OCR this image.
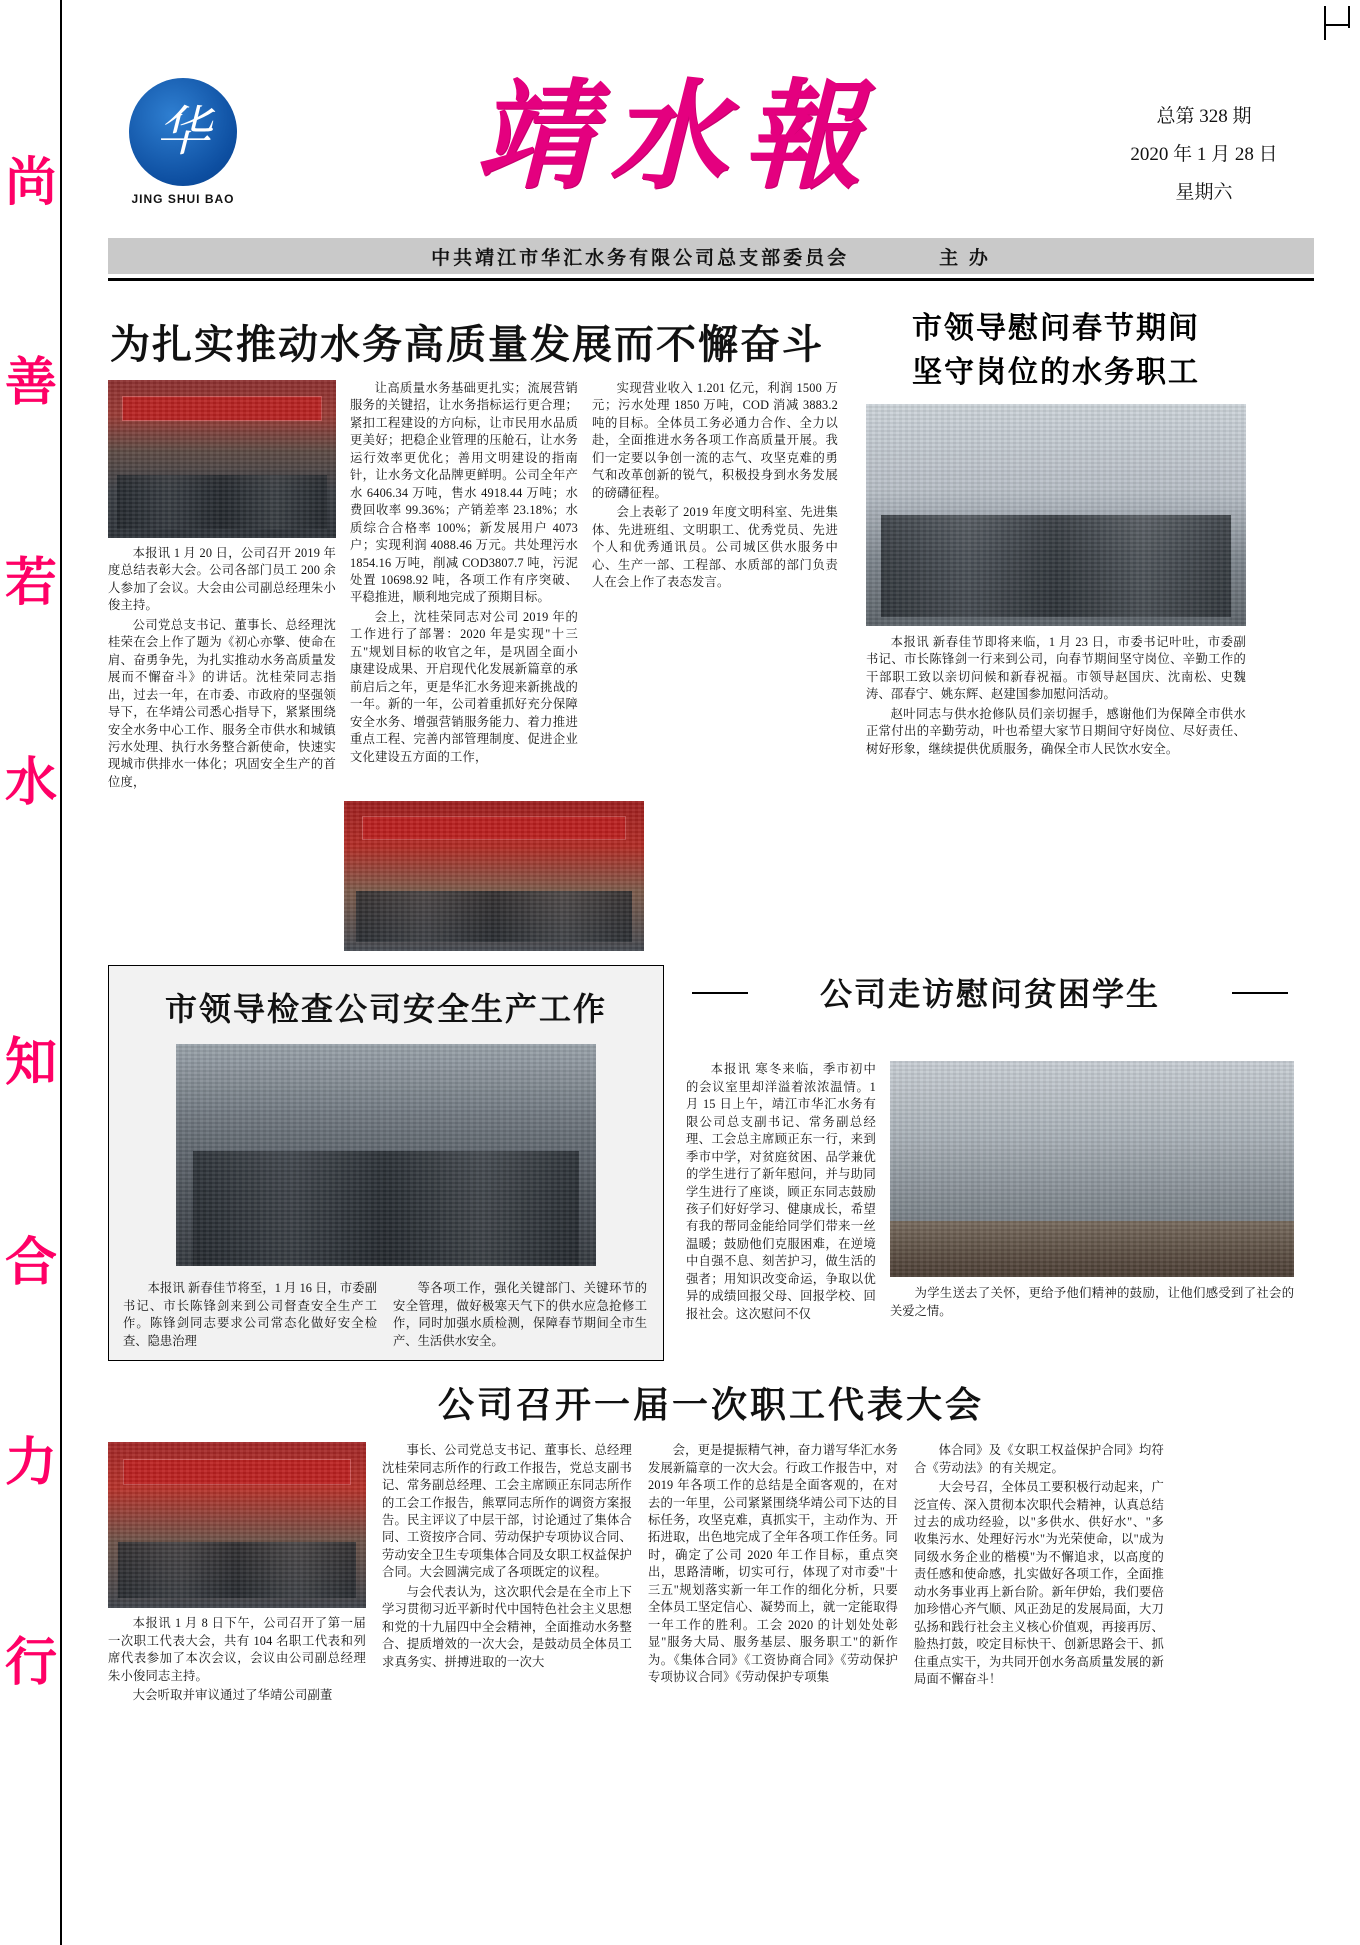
尚
善
若
水
知
合
力
行
华
JING SHUI BAO	靖水報	总第 328 期
2020 年 1 月 28 日
星期六
中共靖江市华汇水务有限公司总支部委员会	主 办
为扎实推动水务高质量发展而不懈奋斗

本报讯 1 月 20 日，公司召开 2019 年度总结表彰大会。公司各部门员工 200 余人参加了会议。大会由公司副总经理朱小俊主持。

公司党总支书记、董事长、总经理沈桂荣在会上作了题为《初心亦擎、使命在肩、奋勇争先，为扎实推动水务高质量发展而不懈奋斗》的讲话。沈桂荣同志指出，过去一年，在市委、市政府的坚强领导下，在华靖公司悉心指导下，紧紧围绕安全水务中心工作、服务全市供水和城镇污水处理、执行水务整合新使命，快速实现城市供排水一体化；巩固安全生产的首位度，

让高质量水务基础更扎实；流展营销服务的关键招，让水务指标运行更合理；紧扣工程建设的方向标，让市民用水品质更美好；把稳企业管理的压舱石，让水务运行效率更优化；善用文明建设的指南针，让水务文化品牌更鲜明。公司全年产水 6406.34 万吨，售水 4918.44 万吨；水费回收率 99.36%；产销差率 23.18%；水质综合合格率 100%；新发展用户 4073 户；实现利润 4088.46 万元。共处理污水 1854.16 万吨，削减 COD3807.7 吨，污泥处置 10698.92 吨，各项工作有序突破、平稳推进，顺利地完成了预期目标。

会上，沈桂荣同志对公司 2019 年的工作进行了部署：2020 年是实现"十三五"规划目标的收官之年，是巩固全面小康建设成果、开启现代化发展新篇章的承前启后之年，更是华汇水务迎来新挑战的一年。新的一年，公司着重抓好充分保障安全水务、增强营销服务能力、着力推进重点工程、完善内部管理制度、促进企业文化建设五方面的工作，

实现营业收入 1.201 亿元，利润 1500 万元；污水处理 1850 万吨，COD 消减 3883.2 吨的目标。全体员工务必通力合作、全力以赴，全面推进水务各项工作高质量开展。我们一定要以争创一流的志气、攻坚克难的勇气和改革创新的锐气，积极投身到水务发展的磅礴征程。

会上表彰了 2019 年度文明科室、先进集体、先进班组、文明职工、优秀党员、先进个人和优秀通讯员。公司城区供水服务中心、生产一部、工程部、水质部的部门负责人在会上作了表态发言。

市领导慰问春节期间
坚守岗位的水务职工

本报讯 新春佳节即将来临，1 月 23 日，市委书记叶吐，市委副书记、市长陈锋剑一行来到公司，向春节期间坚守岗位、辛勤工作的干部职工致以亲切问候和新春祝福。市领导赵国庆、沈南松、史魏涛、邵春宁、姚东辉、赵建国参加慰问活动。

赵叶同志与供水抢修队员们亲切握手，感谢他们为保障全市供水正常付出的辛勤劳动，叶也希望大家节日期间守好岗位、尽好责任、树好形象，继续提供优质服务，确保全市人民饮水安全。

市领导检查公司安全生产工作

本报讯 新春佳节将至，1 月 16 日，市委副书记、市长陈锋剑来到公司督查安全生产工作。陈锋剑同志要求公司常态化做好安全检查、隐患治理

等各项工作，强化关键部门、关键环节的安全管理，做好极寒天气下的供水应急抢修工作，同时加强水质检测，保障春节期间全市生产、生活供水安全。

公司走访慰问贫困学生

本报讯 寒冬来临，季市初中的会议室里却洋溢着浓浓温情。1 月 15 日上午，靖江市华汇水务有限公司总支副书记、常务副总经理、工会总主席顾正东一行，来到季市中学，对贫庭贫困、品学兼优的学生进行了新年慰问，并与助同学生进行了座谈，顾正东同志鼓励孩子们好好学习、健康成长，希望有我的帮同金能给同学们带来一丝温暖；鼓励他们克服困难，在逆境中自强不息、刻苦护习，做生活的强者；用知识改变命运，争取以优异的成绩回报父母、回报学校、回报社会。这次慰问不仅

为学生送去了关怀，更给予他们精神的鼓励，让他们感受到了社会的关爱之情。

公司召开一届一次职工代表大会

本报讯 1 月 8 日下午，公司召开了第一届一次职工代表大会，共有 104 名职工代表和列席代表参加了本次会议，会议由公司副总经理朱小俊同志主持。

大会听取并审议通过了华靖公司副董

事长、公司党总支书记、董事长、总经理沈桂荣同志所作的行政工作报告，党总支副书记、常务副总经理、工会主席顾正东同志所作的工会工作报告，熊覃同志所作的调资方案报告。民主评议了中层干部，讨论通过了集体合同、工资按序合同、劳动保护专项协议合同、劳动安全卫生专项集体合同及女职工权益保护合同。大会圆满完成了各项既定的议程。

与会代表认为，这次职代会是在全市上下学习贯彻习近平新时代中国特色社会主义思想和党的十九届四中全会精神，全面推动水务整合、提质增效的一次大会，是鼓动员全体员工求真务实、拼搏进取的一次大

会，更是提振精气神，奋力谱写华汇水务发展新篇章的一次大会。行政工作报告中，对 2019 年各项工作的总结是全面客观的，在对去的一年里，公司紧紧围绕华靖公司下达的目标任务，攻坚克难，真抓实干，主动作为、开拓进取，出色地完成了全年各项工作任务。同时，确定了公司 2020 年工作目标，重点突出，思路清晰，切实可行，体现了对市委"十三五"规划落实新一年工作的细化分析，只要全体员工坚定信心、凝势而上，就一定能取得一年工作的胜利。工会 2020 的计划处处彰显"服务大局、服务基层、服务职工"的新作为。《集体合同》《工资协商合同》《劳动保护专项协议合同》《劳动保护专项集

体合同》及《女职工权益保护合同》均符合《劳动法》的有关规定。

大会号召，全体员工要积极行动起来，广泛宣传、深入贯彻本次职代会精神，认真总结过去的成功经验，以"多供水、供好水"、"多收集污水、处理好污水"为光荣使命，以"成为同级水务企业的楷模"为不懈追求，以高度的责任感和使命感，扎实做好各项工作，全面推动水务事业再上新台阶。新年伊始，我们要倍加珍惜心齐气顺、风正劲足的发展局面，大刀弘扬和践行社会主义核心价值观，再接再厉、脸热打鼓，咬定目标快干、创新思路会干、抓住重点实干，为共同开创水务高质量发展的新局面不懈奋斗！
